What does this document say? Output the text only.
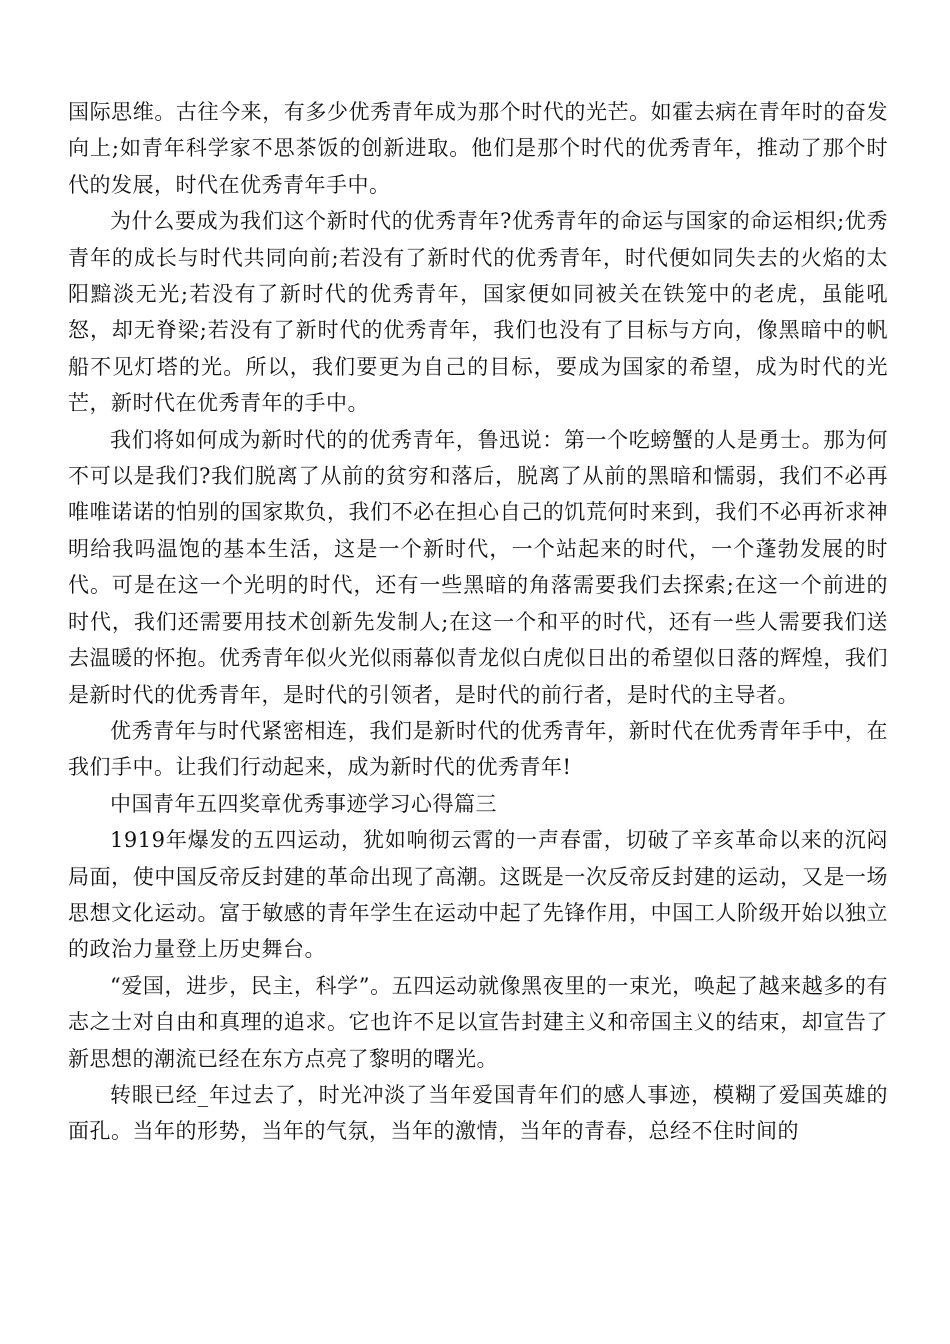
国际思维。古往今来，有多少优秀青年成为那个时代的光芒。如霍去病在青年时的奋发向上;如青年科学家不思茶饭的创新进取。他们是那个时代的优秀青年，推动了那个时代的发展，时代在优秀青年手中。

为什么要成为我们这个新时代的优秀青年?优秀青年的命运与国家的命运相织;优秀青年的成长与时代共同向前;若没有了新时代的优秀青年，时代便如同失去的火焰的太阳黯淡无光;若没有了新时代的优秀青年，国家便如同被关在铁笼中的老虎，虽能吼怒，却无脊梁;若没有了新时代的优秀青年，我们也没有了目标与方向，像黑暗中的帆船不见灯塔的光。所以，我们要更为自己的目标，要成为国家的希望，成为时代的光芒，新时代在优秀青年的手中。

我们将如何成为新时代的的优秀青年，鲁迅说：第一个吃螃蟹的人是勇士。那为何不可以是我们?我们脱离了从前的贫穷和落后，脱离了从前的黑暗和懦弱，我们不必再唯唯诺诺的怕别的国家欺负，我们不必在担心自己的饥荒何时来到，我们不必再祈求神明给我吗温饱的基本生活，这是一个新时代，一个站起来的时代，一个蓬勃发展的时代。可是在这一个光明的时代，还有一些黑暗的角落需要我们去探索;在这一个前进的时代，我们还需要用技术创新先发制人;在这一个和平的时代，还有一些人需要我们送去温暖的怀抱。优秀青年似火光似雨幕似青龙似白虎似日出的希望似日落的辉煌，我们是新时代的优秀青年，是时代的引领者，是时代的前行者，是时代的主导者。

优秀青年与时代紧密相连，我们是新时代的优秀青年，新时代在优秀青年手中，在我们手中。让我们行动起来，成为新时代的优秀青年!

中国青年五四奖章优秀事迹学习心得篇三

1919年爆发的五四运动，犹如响彻云霄的一声春雷，切破了辛亥革命以来的沉闷局面，使中国反帝反封建的革命出现了高潮。这既是一次反帝反封建的运动，又是一场思想文化运动。富于敏感的青年学生在运动中起了先锋作用，中国工人阶级开始以独立的政治力量登上历史舞台。

“爱国，进步，民主，科学”。五四运动就像黑夜里的一束光，唤起了越来越多的有志之士对自由和真理的追求。它也许不足以宣告封建主义和帝国主义的结束，却宣告了新思想的潮流已经在东方点亮了黎明的曙光。

转眼已经_年过去了，时光冲淡了当年爱国青年们的感人事迹，模糊了爱国英雄的面孔。当年的形势，当年的气氛，当年的激情，当年的青春，总经不住时间的
